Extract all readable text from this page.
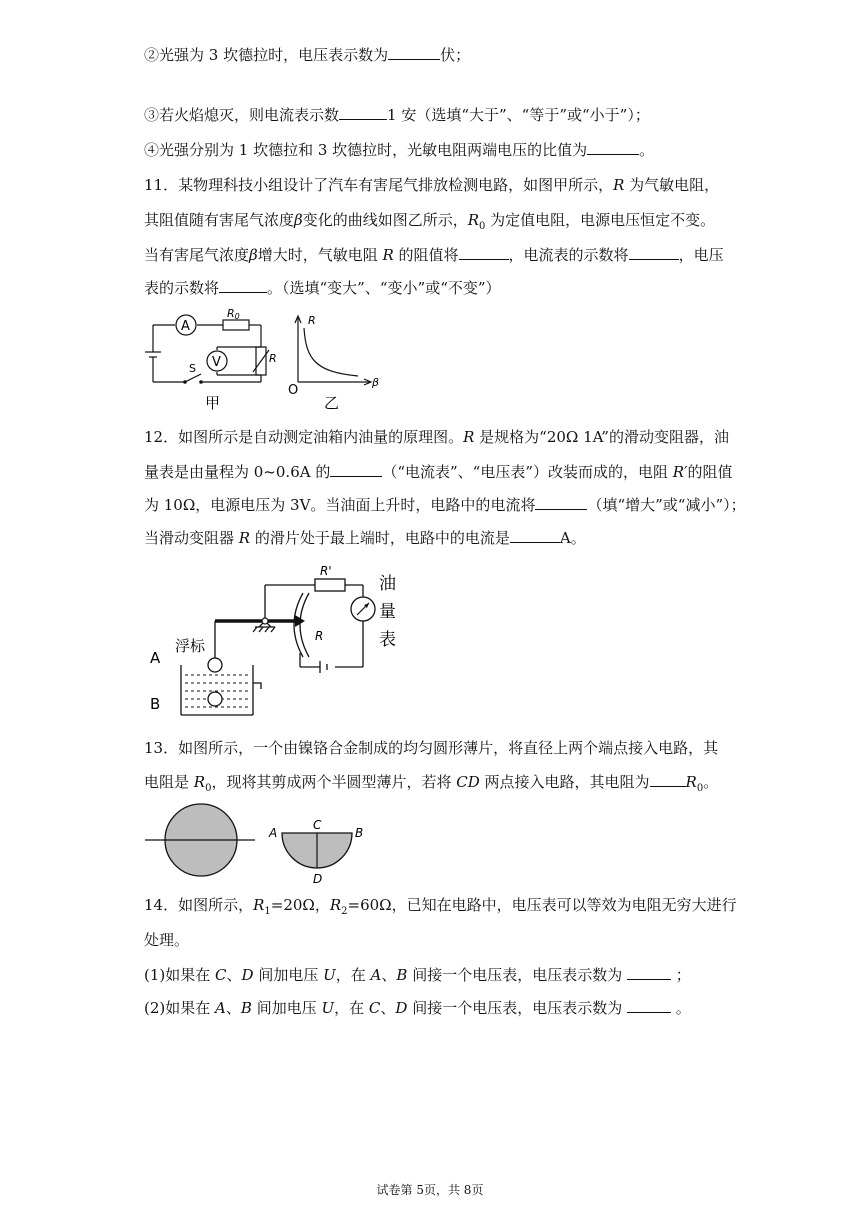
②光强为 3 坎德拉时，电压表示数为	伏；
③若火焰熄灭，则电流表示数	1 安（选填“大于”、“等于”或“小于”）；
④光强分别为 1 坎德拉和 3 坎德拉时，光敏电阻两端电压的比值为	。
11．某物理科技小组设计了汽车有害尾气排放检测电路，如图甲所示，R 为气敏电阻，
其阻值随有害尾气浓度β变化的曲线如图乙所示，$R_0$ 为定值电阻，电源电压恒定不变。
当有害尾气浓度β增大时，气敏电阻 R 的阻值将	，电流表的示数将	，电压
表的示数将	。（选填“变大”、“变小”或“不变”）
A
V
R0
R
S
甲
R
β
O
乙
12．如图所示是自动测定油箱内油量的原理图。R 是规格为“20Ω 1A”的滑动变阻器，油
量表是由量程为 0~0.6A 的	（“电流表”、“电压表”）改装而成的，电阻 R′的阻值
为 10Ω，电源电压为 3V。当油面上升时，电路中的电流将	（填“增大”或“减小”）；
当滑动变阻器 R 的滑片处于最上端时，电路中的电流是	A。
R'
R
油
量
表
浮标
A
B
13．如图所示，一个由镍铬合金制成的均匀圆形薄片，将直径上两个端点接入电路，其
电阻是 $R_0$，现将其剪成两个半圆型薄片，若将 CD 两点接入电路，其电阻为 $R_0$。
A	B
C
D
14．如图所示，$R_1=20\Omega$，$R_2=60\Omega$，已知在电路中，电压表可以等效为电阻无穷大进行
处理。
(1)如果在 C、D 间加电压 U，在 A、B 间接一个电压表，电压表示数为	；
(2)如果在 A、B 间加电压 U，在 C、D 间接一个电压表，电压表示数为	。
试卷第 5页，共 8页
